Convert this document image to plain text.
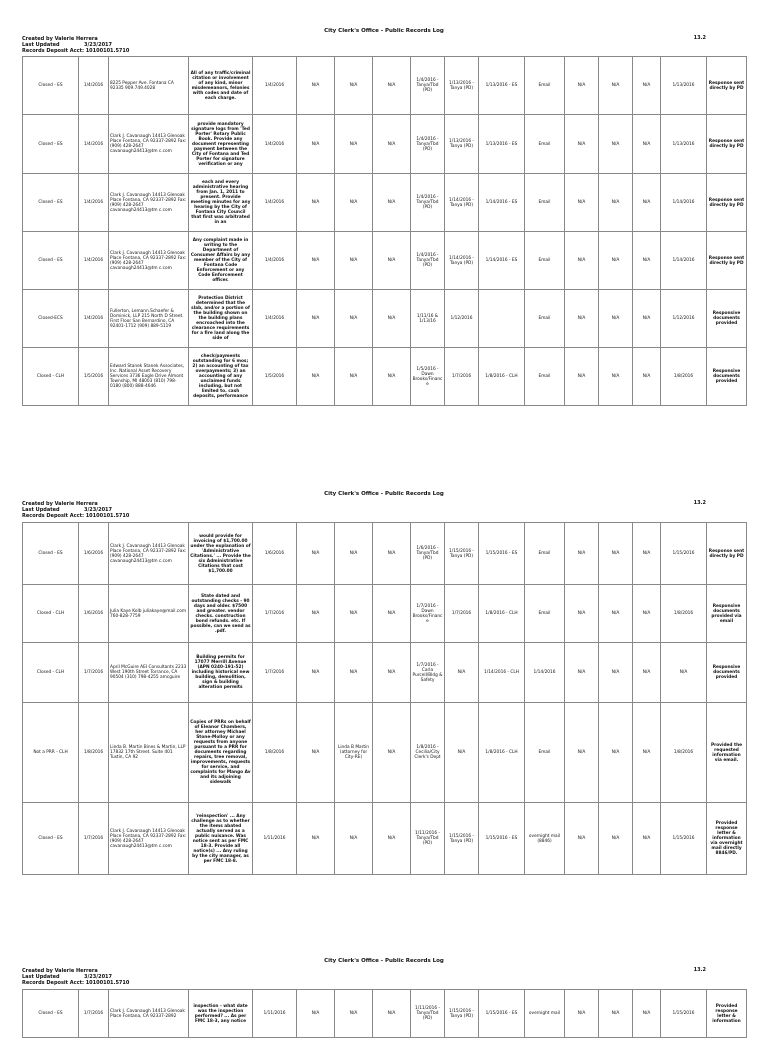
City Clerk's Office - Public Records Log
13.2
Created by Valerie Herrera
Last Updated	3/23/2017
Records Deposit Acct: 10100101.5710
Closed - ES	1/4/2016	8225 Pepper Ave. Fontana CA 92335 909.749.4028	All of any traffic/criminal citation or involvement of any kind, minor misdemeanors, felonies with codes and date of each charge.	1/4/2016	N/A	N/A	N/A	1/4/2016 - Tanya/Tbd (PD)	1/13/2016 - Tanya (PD)	1/13/2016 - ES	Email	N/A	N/A	N/A	1/13/2016	Response sent directly by PD
Closed - ES	1/4/2016	Clark J. Cavanaugh 14413 Glenoak Place Fontana, CA 92337-2892 Fax: (909) 428-2647 cavanaugh24413@tm c.com	provide mandatory signature logs from 'Ted Porter' Rotary Public Book. Provide any document representing payment between the City of Fontana and Ted Porter for signature verification or any	1/4/2016	N/A	N/A	N/A	1/4/2016 - Tanya/Tbd (PD)	1/13/2016 - Tanya (PD)	1/13/2016 - ES	Email	N/A	N/A	N/A	1/13/2016	Response sent directly by PD
Closed - ES	1/4/2016	Clark J. Cavanaugh 14413 Glenoak Place Fontana, CA 92337-2892 Fax: (909) 428-2647 cavanaugh24413@tm c.com	each and every administrative hearing from Jan. 1, 2011 to present. Provide meeting minutes for any hearing by the City of Fontana City Council that first was arbitrated in an	1/4/2016	N/A	N/A	N/A	1/4/2016 - Tanya/Tbd (PD)	1/14/2016 - Tanya (PD)	1/14/2016 - ES	Email	N/A	N/A	N/A	1/14/2016	Response sent directly by PD
Closed - ES	1/4/2016	Clark J. Cavanaugh 14413 Glenoak Place Fontana, CA 92337-2892 Fax: (909) 428-2647 cavanaugh24413@tm c.com	Any complaint made in writing to the Department of Consumer Affairs by any member of the City of Fontana Code Enforcement or any Code Enforcement officer.	1/4/2016	N/A	N/A	N/A	1/4/2016 - Tanya/Tbd (PD)	1/14/2016 - Tanya (PD)	1/14/2016 - ES	Email	N/A	N/A	N/A	1/14/2016	Response sent directly by PD
Closed-ECS	1/4/2016	Fullerton, Lemann.Schaefer & Dominick, LLP 215 North D Street. First Floor San Bernardino, CA 92401-1712 (909) 889-5119	Protection District determined that the slab, and/or a portion of the building shown on the building plans encroached into the clearance requirements for a fire land along the side of	1/4/2016	N/A	N/A	N/A	1/11/16 & 1/13/16	1/12/2016		Email	N/A	N/A	N/A	1/12/2016	Responsive documents provided
Closed - CLH	1/5/2016	Edward Stanek Stanek Associates, Inc. National Asset Recovery Services 3736 Eagle Drive Almont Township, MI 48003 (810) 798-0180 (800) 888-4646	check/payments outstanding for 6 mos; 2) an accounting of tax overpayments; 3) an accounting of any unclaimed funds including, but not limited to. cash deposits, performance	1/5/2016	N/A	N/A	N/A	1/5/2016 - Dawn Brooks/Finance	1/7/2016	1/8/2016 - CLH	Email	N/A	N/A	N/A	1/8/2016	Responsive documents provided
City Clerk's Office - Public Records Log
13.2
Created by Valerie Herrera
Last Updated	3/23/2017
Records Deposit Acct: 10100101.5710
Closed - ES	1/6/2016	Clark J. Cavanaugh 14413 Glenoak Place Fontana, CA 92337-2892 Fax: (909) 428-2647 cavanaugh24413@tm c.com	would provide for invoicing of $1,700.00 under the explanation of 'Administrative Citations.' ... Provide the six Administrative Citations that cost $1,700.00	1/6/2016	N/A	N/A	N/A	1/6/2016 - Tanya/Tbd (PD)	1/15/2016 - Tanya (PD)	1/15/2016 - ES	Email	N/A	N/A	N/A	1/15/2016	Response sent directly by PD
Closed - CLH	1/6/2016	Julia Kaye Kolb juliakaye@mail.com 760-828-7759	State dated and outstanding checks - 90 days and older. $7500 and greater. vendor checks. construction bond refunds. etc. If possible, can we send as .pdf.	1/7/2016	N/A	N/A	N/A	1/7/2016 - Dawn Brooks/Finance	1/7/2016	1/8/2016 - CLH	Email	N/A	N/A	N/A	1/8/2016	Responsive documents provided via email
Closed - CLH	1/7/2016	April McGuire AEI Consultants 2233 West 190th Street Torrance, CA 90504 (310) 798-4255 amcguire	Building permits for 17077 Merrill Avenue (APN 0240-191-52) including historical new building, demolition, sign & building alteration permits	1/7/2016	N/A	N/A	N/A	1/7/2016 - Carla Purcell/Bldg & Safety	N/A	1/14/2016 - CLH	1/14/2016	N/A	N/A	N/A	N/A	Responsive documents provided
Not a PRR - CLH	1/8/2016	Linda B. Martin Bines & Martin, LLP 17832 17th Street. Suite 401 Tustin, CA 92	Copies of PRRs on behalf of Eleanor Chambers, her attorney Michael Stone-Molloy or any requests from anyone pursuant to a PRR for documents regarding repairs, tree removal, improvements, requests for service, and complaints for Mango Av and its adjoining sidewalk	1/8/2016	N/A	Linda B Martin (attorney for City-RE)	N/A	1/8/2016 - Cecilia/City Clerk's Dept	N/A	1/8/2016 - CLH	Email	N/A	N/A	N/A	1/8/2016	Provided the requested information via email.
Closed - ES	1/7/2016	Clark J. Cavanaugh 14413 Glenoak Place Fontana, CA 92337-2892 Fax: (909) 428-2647 cavanaugh24413@tm c.com	'reinspection' ... Any challenge as to whether the items abated actually served as a public nuisance. Was notice sent as per FMC 18-3. Provide all notice(s) ... Any ruling by the city manager, as per FMC 18-8.	1/11/2016	N/A	N/A	N/A	1/11/2016 - Tanya/Tbd (PD)	1/15/2016 - Tanya (PD)	1/15/2016 - ES	overnight mail (8846)	N/A	N/A	N/A	1/15/2016	Provided response letter & information via overnight mail directly 8846/PD.
City Clerk's Office - Public Records Log
13.2
Created by Valerie Herrera
Last Updated	3/23/2017
Records Deposit Acct: 10100101.5710
Closed - ES	1/7/2016	Clark J. Cavanaugh 14413 Glenoak Place Fontana, CA 92337-2892	inspection - what date was the inspection performed? ... As per FMC 18-3, any notice	1/11/2016	N/A	N/A	N/A	1/11/2016 - Tanya/Tbd (PD)	1/15/2016 - Tanya (PD)	1/15/2016 - ES	overnight mail	N/A	N/A	N/A	1/15/2016	Provided response letter & information
